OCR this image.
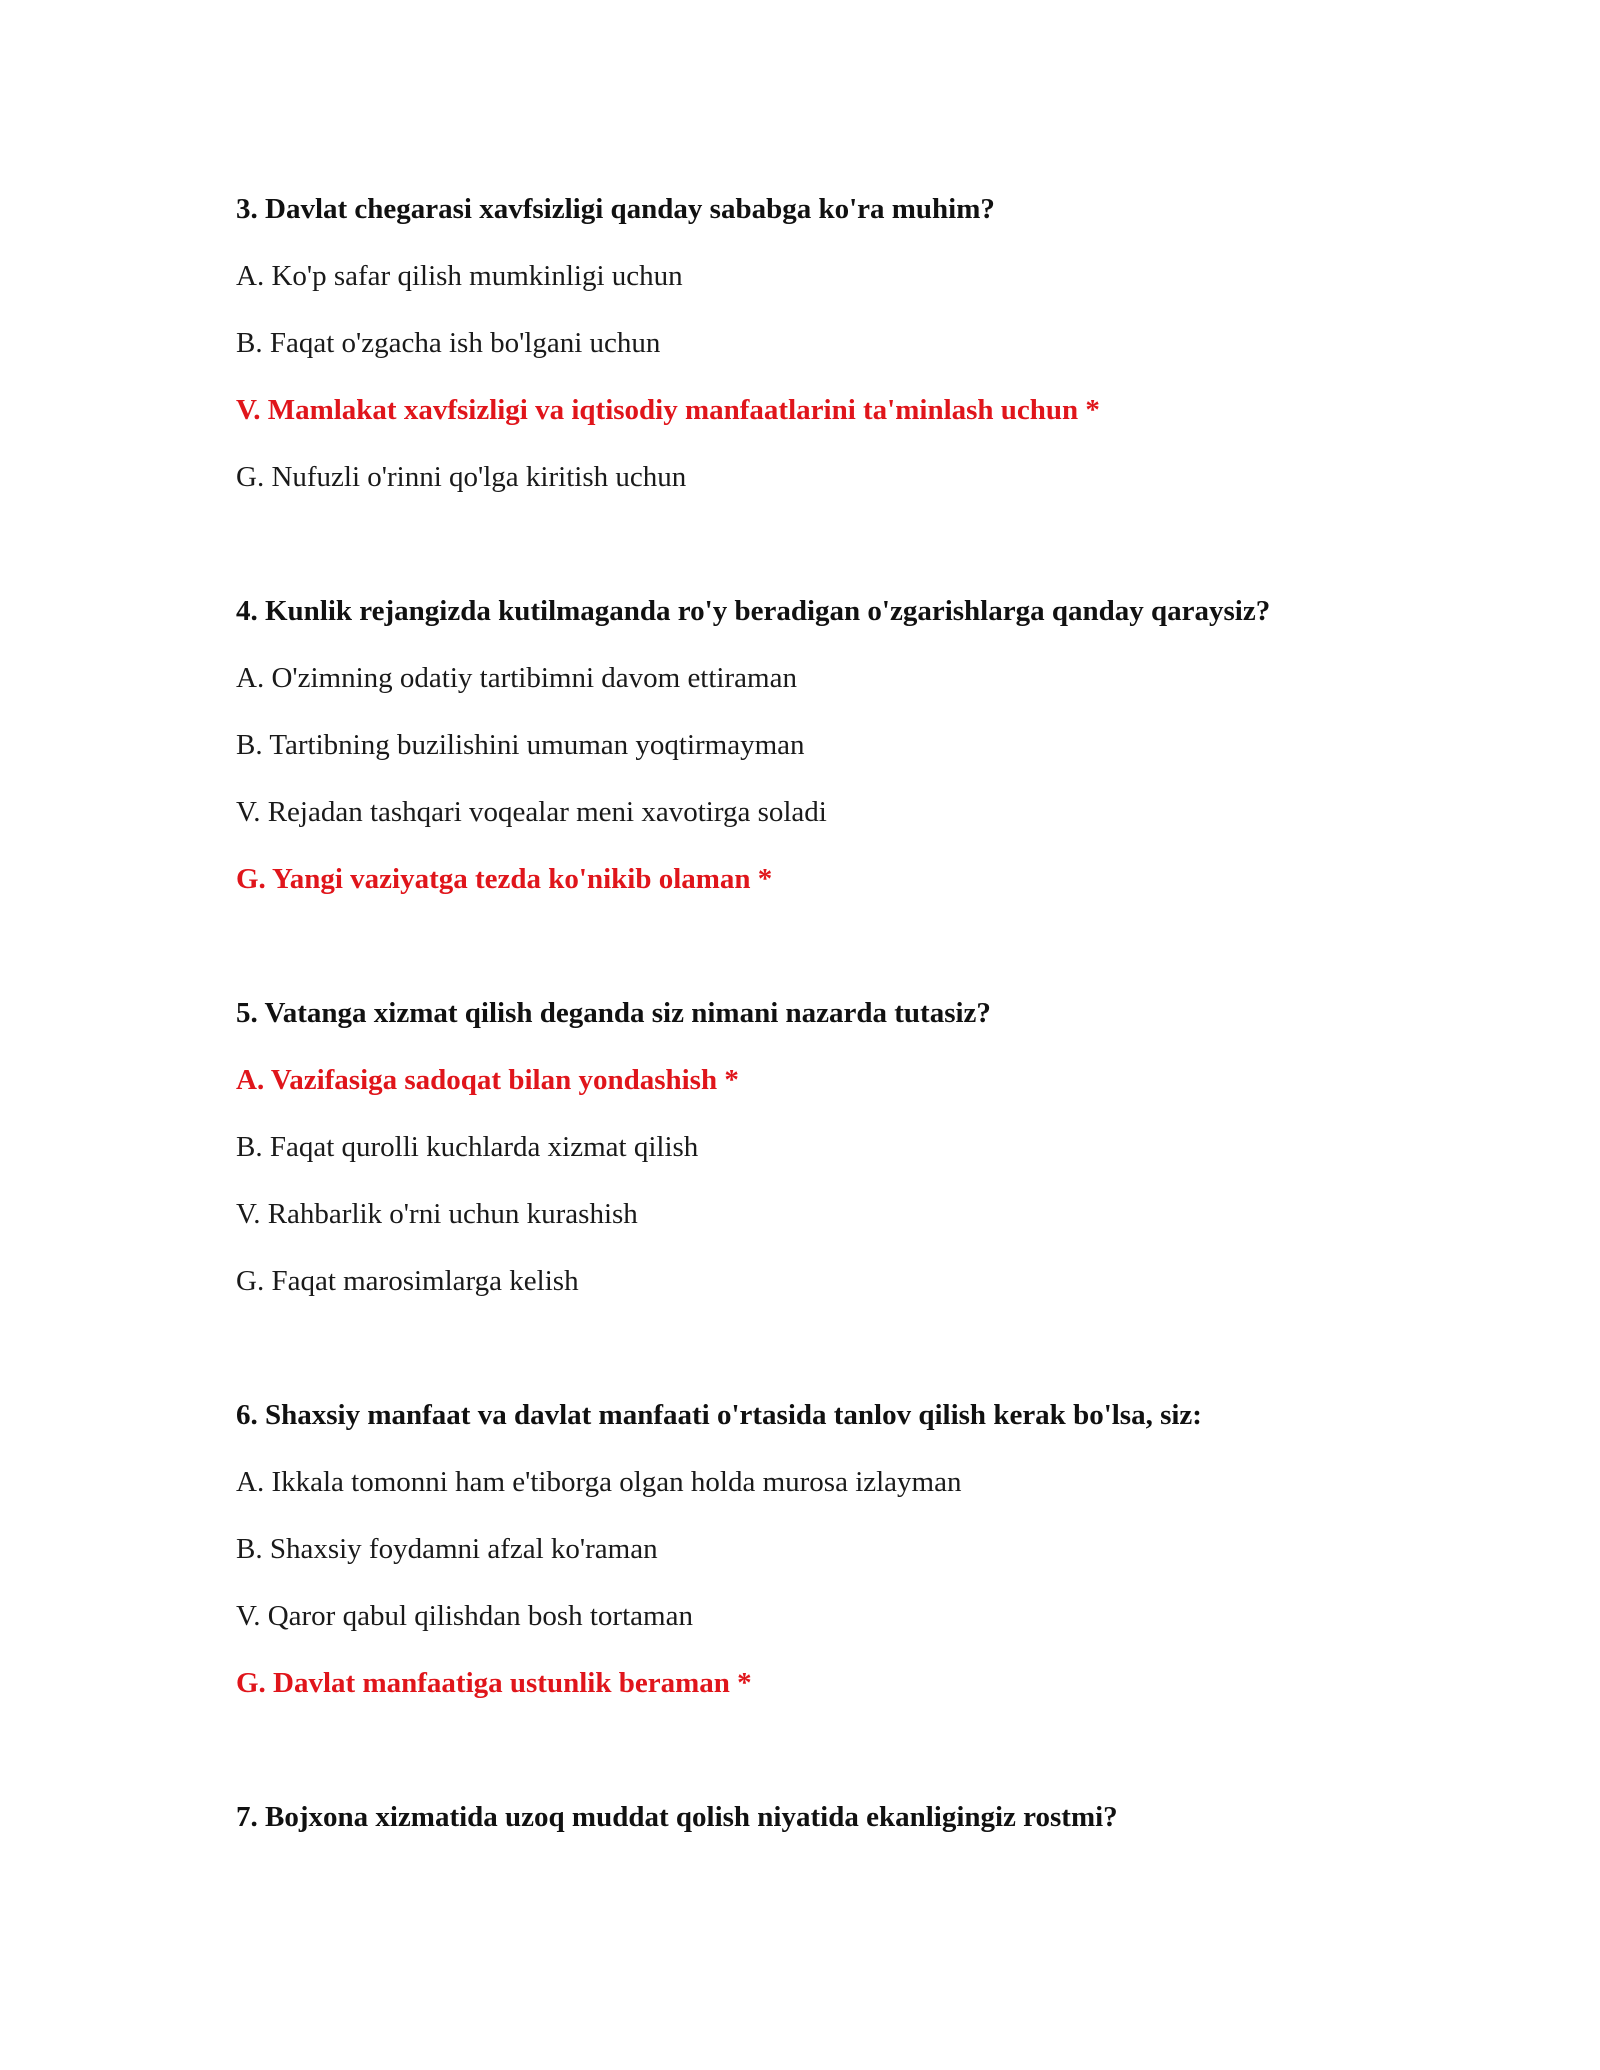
3. Davlat chegarasi xavfsizligi qanday sababga ko'ra muhim?
A. Ko'p safar qilish mumkinligi uchun
B. Faqat o'zgacha ish bo'lgani uchun
V. Mamlakat xavfsizligi va iqtisodiy manfaatlarini ta'minlash uchun *
G. Nufuzli o'rinni qo'lga kiritish uchun
4. Kunlik rejangizda kutilmaganda ro'y beradigan o'zgarishlarga qanday qaraysiz?
A. O'zimning odatiy tartibimni davom ettiraman
B. Tartibning buzilishini umuman yoqtirmayman
V. Rejadan tashqari voqealar meni xavotirga soladi
G. Yangi vaziyatga tezda ko'nikib olaman *
5. Vatanga xizmat qilish deganda siz nimani nazarda tutasiz?
A. Vazifasiga sadoqat bilan yondashish *
B. Faqat qurolli kuchlarda xizmat qilish
V. Rahbarlik o'rni uchun kurashish
G. Faqat marosimlarga kelish
6. Shaxsiy manfaat va davlat manfaati o'rtasida tanlov qilish kerak bo'lsa, siz:
A. Ikkala tomonni ham e'tiborga olgan holda murosa izlayman
B. Shaxsiy foydamni afzal ko'raman
V. Qaror qabul qilishdan bosh tortaman
G. Davlat manfaatiga ustunlik beraman *
7. Bojxona xizmatida uzoq muddat qolish niyatida ekanligingiz rostmi?
